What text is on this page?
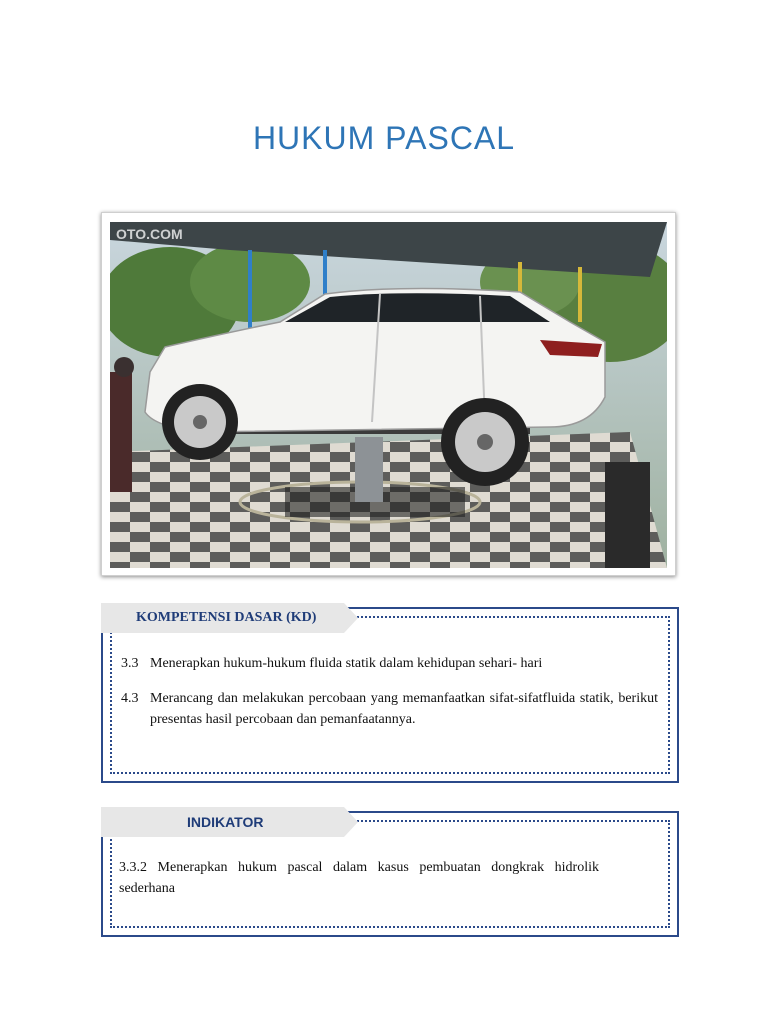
HUKUM PASCAL
OTO.COM
3.3 Menerapkan hukum-hukum fluida statik dalam kehidupan sehari- hari
4.3 Merancang dan melakukan percobaan yang memanfaatkan sifat-sifatfluida statik, berikut presentas hasil percobaan dan pemanfaatannya.
KOMPETENSI DASAR (KD)
3.3.2 Menerapkan hukum pascal dalam kasus pembuatan dongkrak hidrolik sederhana
INDIKATOR
